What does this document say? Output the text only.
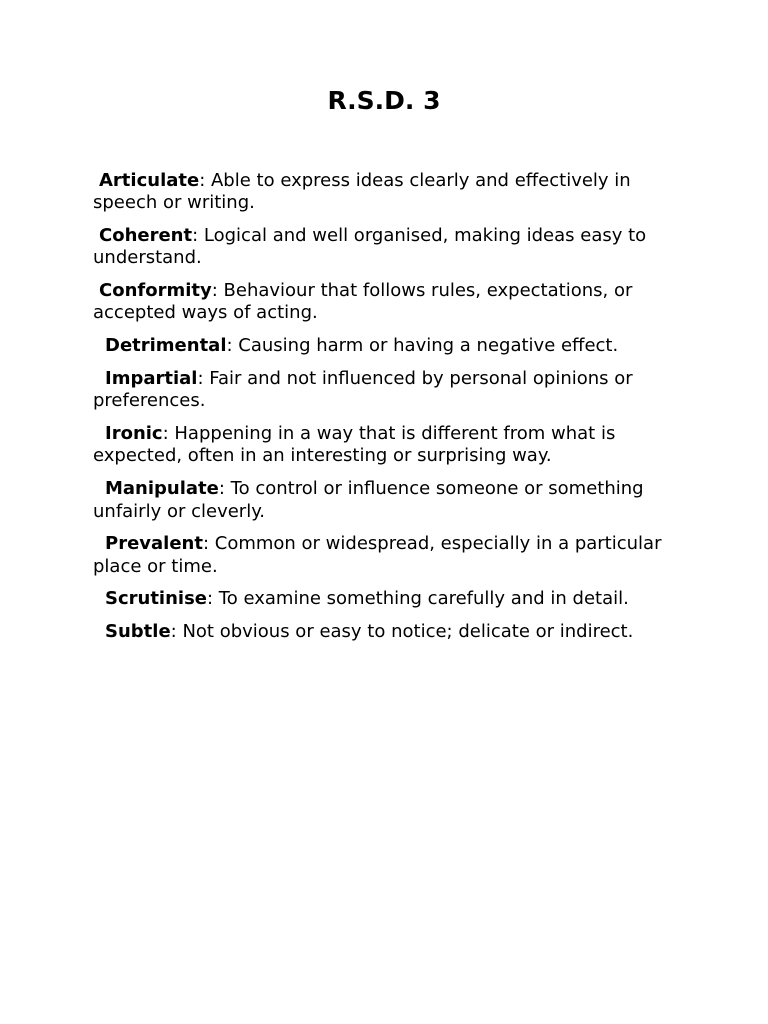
R.S.D. 3

Articulate: Able to express ideas clearly and effectively in speech or writing.

Coherent: Logical and well organised, making ideas easy to understand.

Conformity: Behaviour that follows rules, expectations, or accepted ways of acting.

Detrimental: Causing harm or having a negative effect.

Impartial: Fair and not influenced by personal opinions or preferences.

Ironic: Happening in a way that is different from what is expected, often in an interesting or surprising way.

Manipulate: To control or influence someone or something unfairly or cleverly.

Prevalent: Common or widespread, especially in a particular place or time.

Scrutinise: To examine something carefully and in detail.

Subtle: Not obvious or easy to notice; delicate or indirect.
